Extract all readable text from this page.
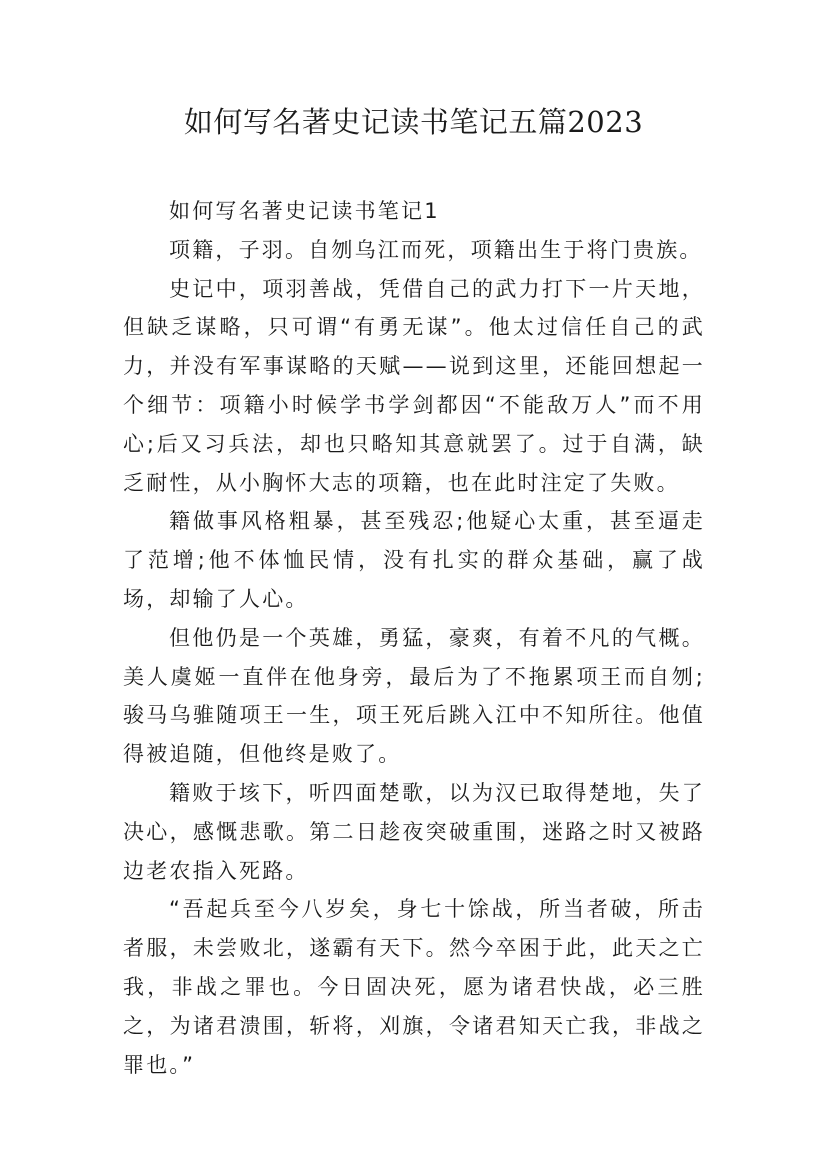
如何写名著史记读书笔记五篇2023

如何写名著史记读书笔记1

项籍，子羽。自刎乌江而死，项籍出生于将门贵族。

史记中，项羽善战，凭借自己的武力打下一片天地，但缺乏谋略，只可谓“有勇无谋”。他太过信任自己的武力，并没有军事谋略的天赋——说到这里，还能回想起一个细节：项籍小时候学书学剑都因“不能敌万人”而不用心;后又习兵法，却也只略知其意就罢了。过于自满，缺乏耐性，从小胸怀大志的项籍，也在此时注定了失败。

籍做事风格粗暴，甚至残忍;他疑心太重，甚至逼走了范增;他不体恤民情，没有扎实的群众基础，赢了战场，却输了人心。

但他仍是一个英雄，勇猛，豪爽，有着不凡的气概。美人虞姬一直伴在他身旁，最后为了不拖累项王而自刎;骏马乌骓随项王一生，项王死后跳入江中不知所往。他值得被追随，但他终是败了。

籍败于垓下，听四面楚歌，以为汉已取得楚地，失了决心，感慨悲歌。第二日趁夜突破重围，迷路之时又被路边老农指入死路。

“吾起兵至今八岁矣，身七十馀战，所当者破，所击者服，未尝败北，遂霸有天下。然今卒困于此，此天之亡我，非战之罪也。今日固决死，愿为诸君快战，必三胜之，为诸君溃围，斩将，刈旗，令诸君知天亡我，非战之罪也。”
